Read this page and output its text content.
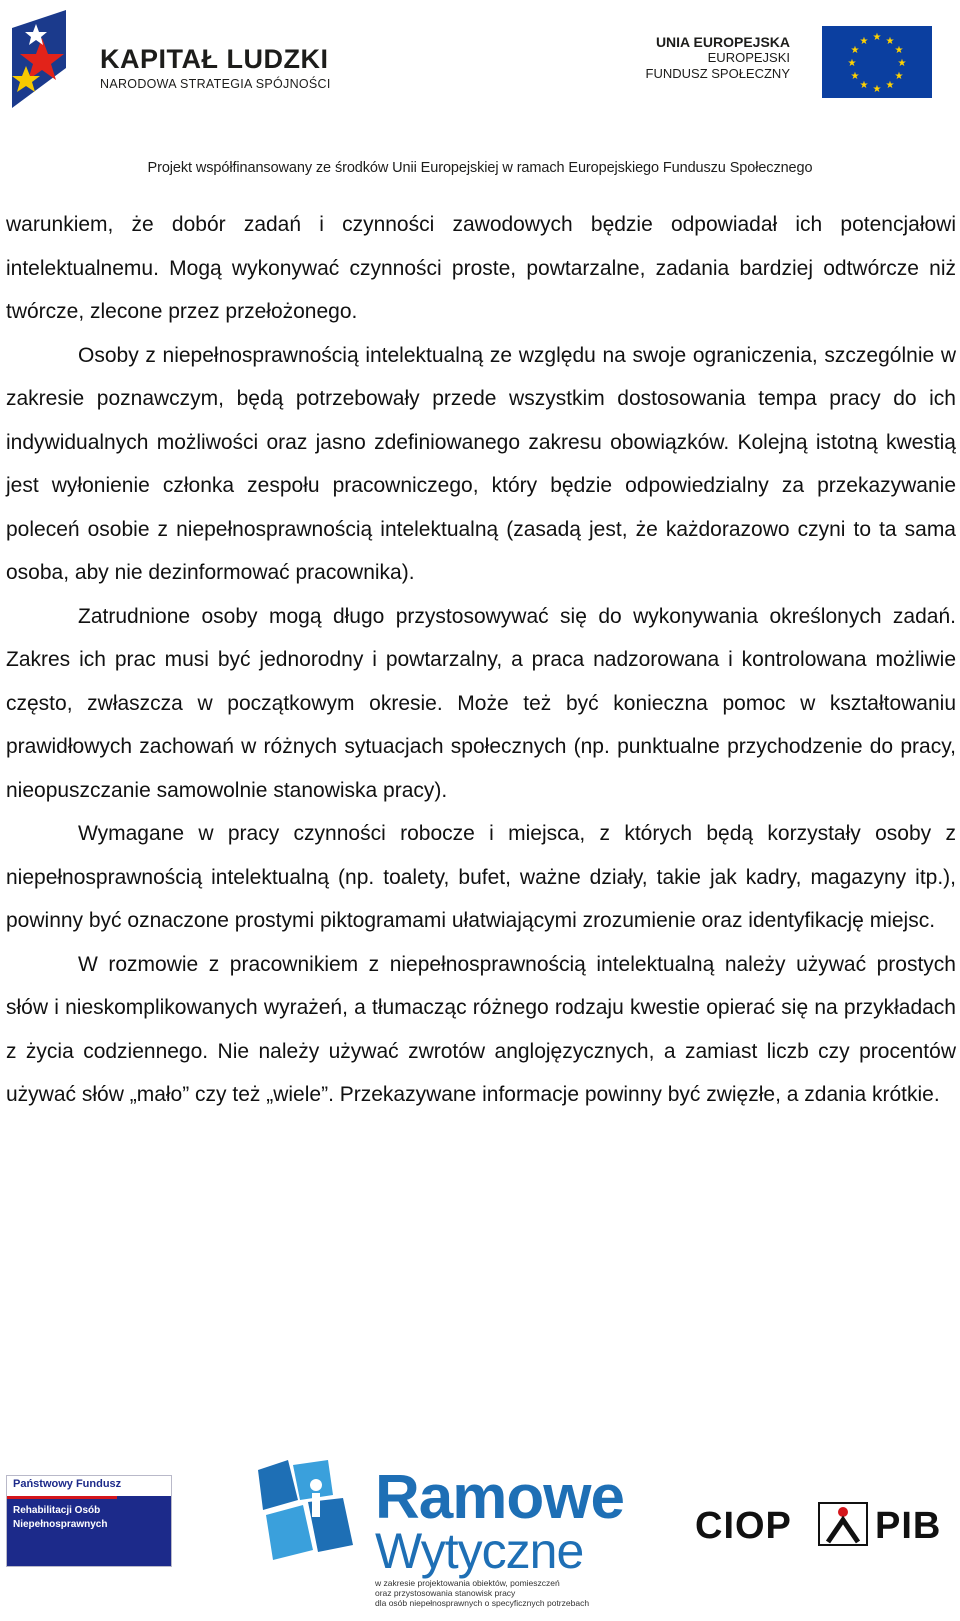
KAPITAŁ LUDZKI
NARODOWA STRATEGIA SPÓJNOŚCI
UNIA EUROPEJSKA
EUROPEJSKI
FUNDUSZ SPOŁECZNY
★ ★
★
★
★
★
★
★
★
★
★
★
Projekt współfinansowany ze środków Unii Europejskiej w ramach Europejskiego Funduszu Społecznego

warunkiem, że dobór zadań i czynności zawodowych będzie odpowiadał ich potencjałowi intelektualnemu. Mogą wykonywać czynności proste, powtarzalne, zadania bardziej odtwórcze niż twórcze, zlecone przez przełożonego.

Osoby z niepełnosprawnością intelektualną ze względu na swoje ograniczenia, szczególnie w zakresie poznawczym, będą potrzebowały przede wszystkim dostosowania tempa pracy do ich indywidualnych możliwości oraz jasno zdefiniowanego zakresu obowiązków. Kolejną istotną kwestią jest wyłonienie członka zespołu pracowniczego, który będzie odpowiedzialny za przekazywanie poleceń osobie z niepełnosprawnością intelektualną (zasadą jest, że każdorazowo czyni to ta sama osoba, aby nie dezinformować pracownika).

Zatrudnione osoby mogą długo przystosowywać się do wykonywania określonych zadań. Zakres ich prac musi być jednorodny i powtarzalny, a praca nadzorowana i kontrolowana możliwie często, zwłaszcza w początkowym okresie. Może też być konieczna pomoc w kształtowaniu prawidłowych zachowań w różnych sytuacjach społecznych (np. punktualne przychodzenie do pracy, nieopuszczanie samowolnie stanowiska pracy).

Wymagane w pracy czynności robocze i miejsca, z których będą korzystały osoby z niepełnosprawnością intelektualną (np. toalety, bufet, ważne działy, takie jak kadry, magazyny itp.), powinny być oznaczone prostymi piktogramami ułatwiającymi zrozumienie oraz identyfikację miejsc.

W rozmowie z pracownikiem z niepełnosprawnością intelektualną należy używać prostych słów i nieskomplikowanych wyrażeń, a tłumacząc różnego rodzaju kwestie opierać się na przykładach z życia codziennego. Nie należy używać zwrotów anglojęzycznych, a zamiast liczb czy procentów używać słów „mało” czy też „wiele”. Przekazywane informacje powinny być zwięzłe, a zdania krótkie.

Państwowy Fundusz
Rehabilitacji Osób
Niepełnosprawnych	Ramowe
Wytyczne
w zakresie projektowania obiektów, pomieszczeń
oraz przystosowania stanowisk pracy
dla osób niepełnosprawnych o specyficznych potrzebach
CIOP PIB
